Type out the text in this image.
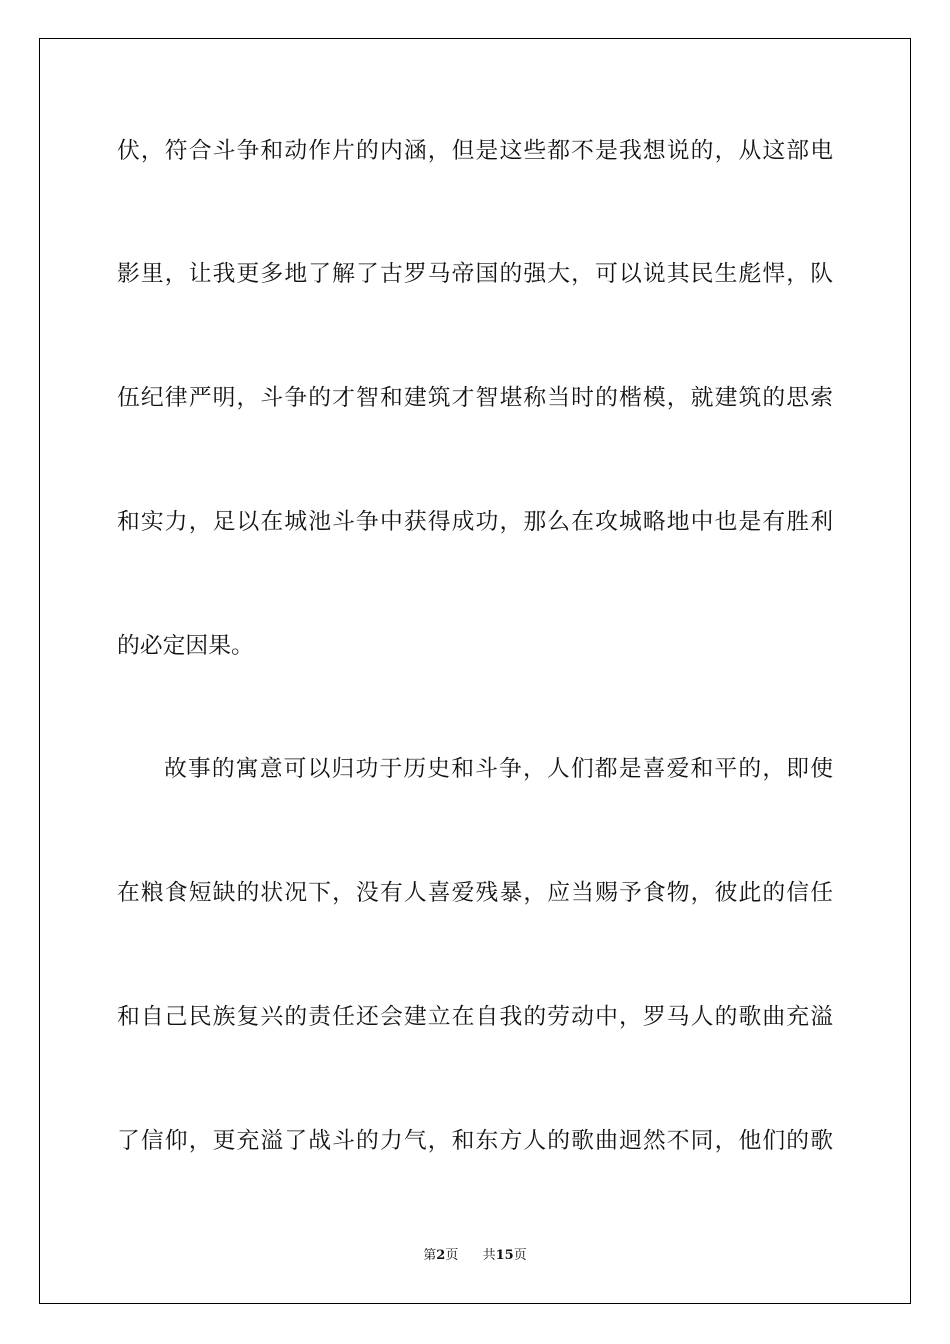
伏，符合斗争和动作片的内涵，但是这些都不是我想说的，从这部电
影里，让我更多地了解了古罗马帝国的强大，可以说其民生彪悍，队
伍纪律严明，斗争的才智和建筑才智堪称当时的楷模，就建筑的思索
和实力，足以在城池斗争中获得成功，那么在攻城略地中也是有胜利
的必定因果。
故事的寓意可以归功于历史和斗争，人们都是喜爱和平的，即使
在粮食短缺的状况下，没有人喜爱残暴，应当赐予食物，彼此的信任
和自己民族复兴的责任还会建立在自我的劳动中，罗马人的歌曲充溢
了信仰，更充溢了战斗的力气，和东方人的歌曲迥然不同，他们的歌
第2页 共15页
